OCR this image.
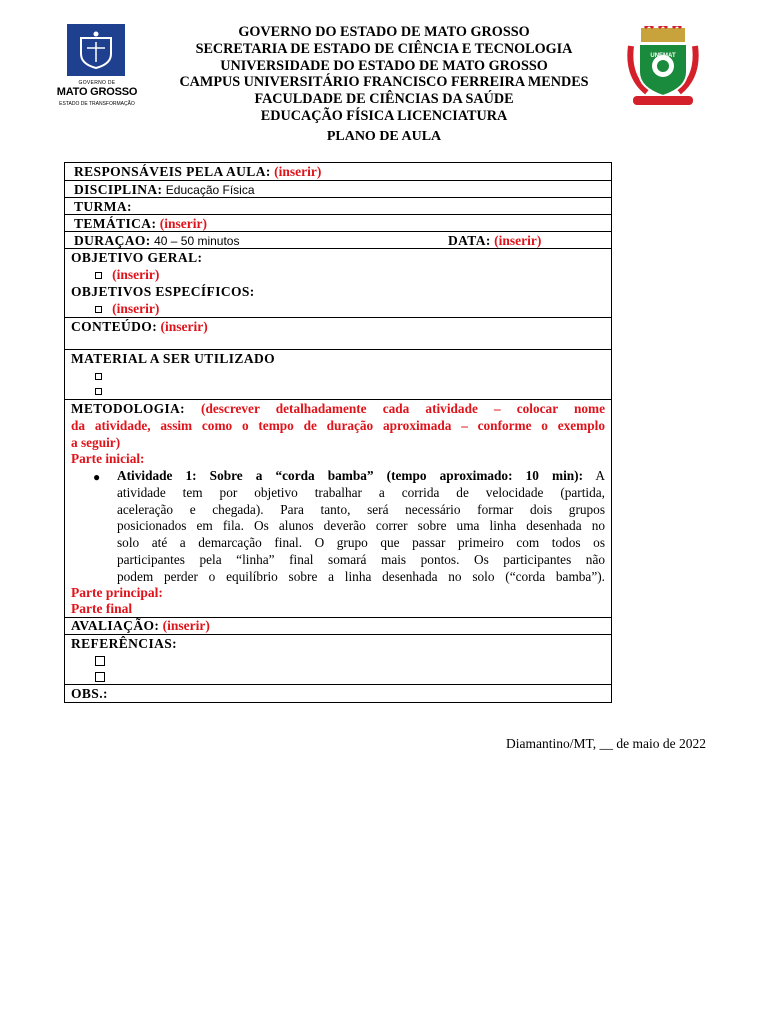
GOVERNO DE
MATO GROSSO
ESTADO DE TRANSFORMAÇÃO
UNEMAT
GOVERNO DO ESTADO DE MATO GROSSO
SECRETARIA DE ESTADO DE CIÊNCIA E TECNOLOGIA
UNIVERSIDADE DO ESTADO DE MATO GROSSO
CAMPUS UNIVERSITÁRIO FRANCISCO FERREIRA MENDES
FACULDADE DE CIÊNCIAS DA SAÚDE
EDUCAÇÃO FÍSICA LICENCIATURA
PLANO DE AULA
RESPONSÁVEIS PELA AULA: (inserir)
DISCIPLINA: Educação Física
TURMA:
TEMÁTICA: (inserir)
DURAÇAO: 40 – 50 minutos	DATA: (inserir)
OBJETIVO GERAL:
(inserir)
OBJETIVOS ESPECÍFICOS:
(inserir)
CONTEÚDO: (inserir)
MATERIAL A SER UTILIZADO
METODOLOGIA: (descrever detalhadamente cada atividade – colocar nome
da atividade, assim como o tempo de duração aproximada – conforme o exemplo
a seguir)
Parte inicial:
● Atividade 1: Sobre a “corda bamba” (tempo aproximado: 10 min): A
atividade tem por objetivo trabalhar a corrida de velocidade (partida,
aceleração e chegada). Para tanto, será necessário formar dois grupos
posicionados em fila. Os alunos deverão correr sobre uma linha desenhada no
solo até a demarcação final. O grupo que passar primeiro com todos os
participantes pela “linha” final somará mais pontos. Os participantes não
podem perder o equilíbrio sobre a linha desenhada no solo (“corda bamba”).
Parte principal:
Parte final
AVALIAÇÃO: (inserir)
REFERÊNCIAS:
OBS.:
Diamantino/MT, __ de maio de 2022
